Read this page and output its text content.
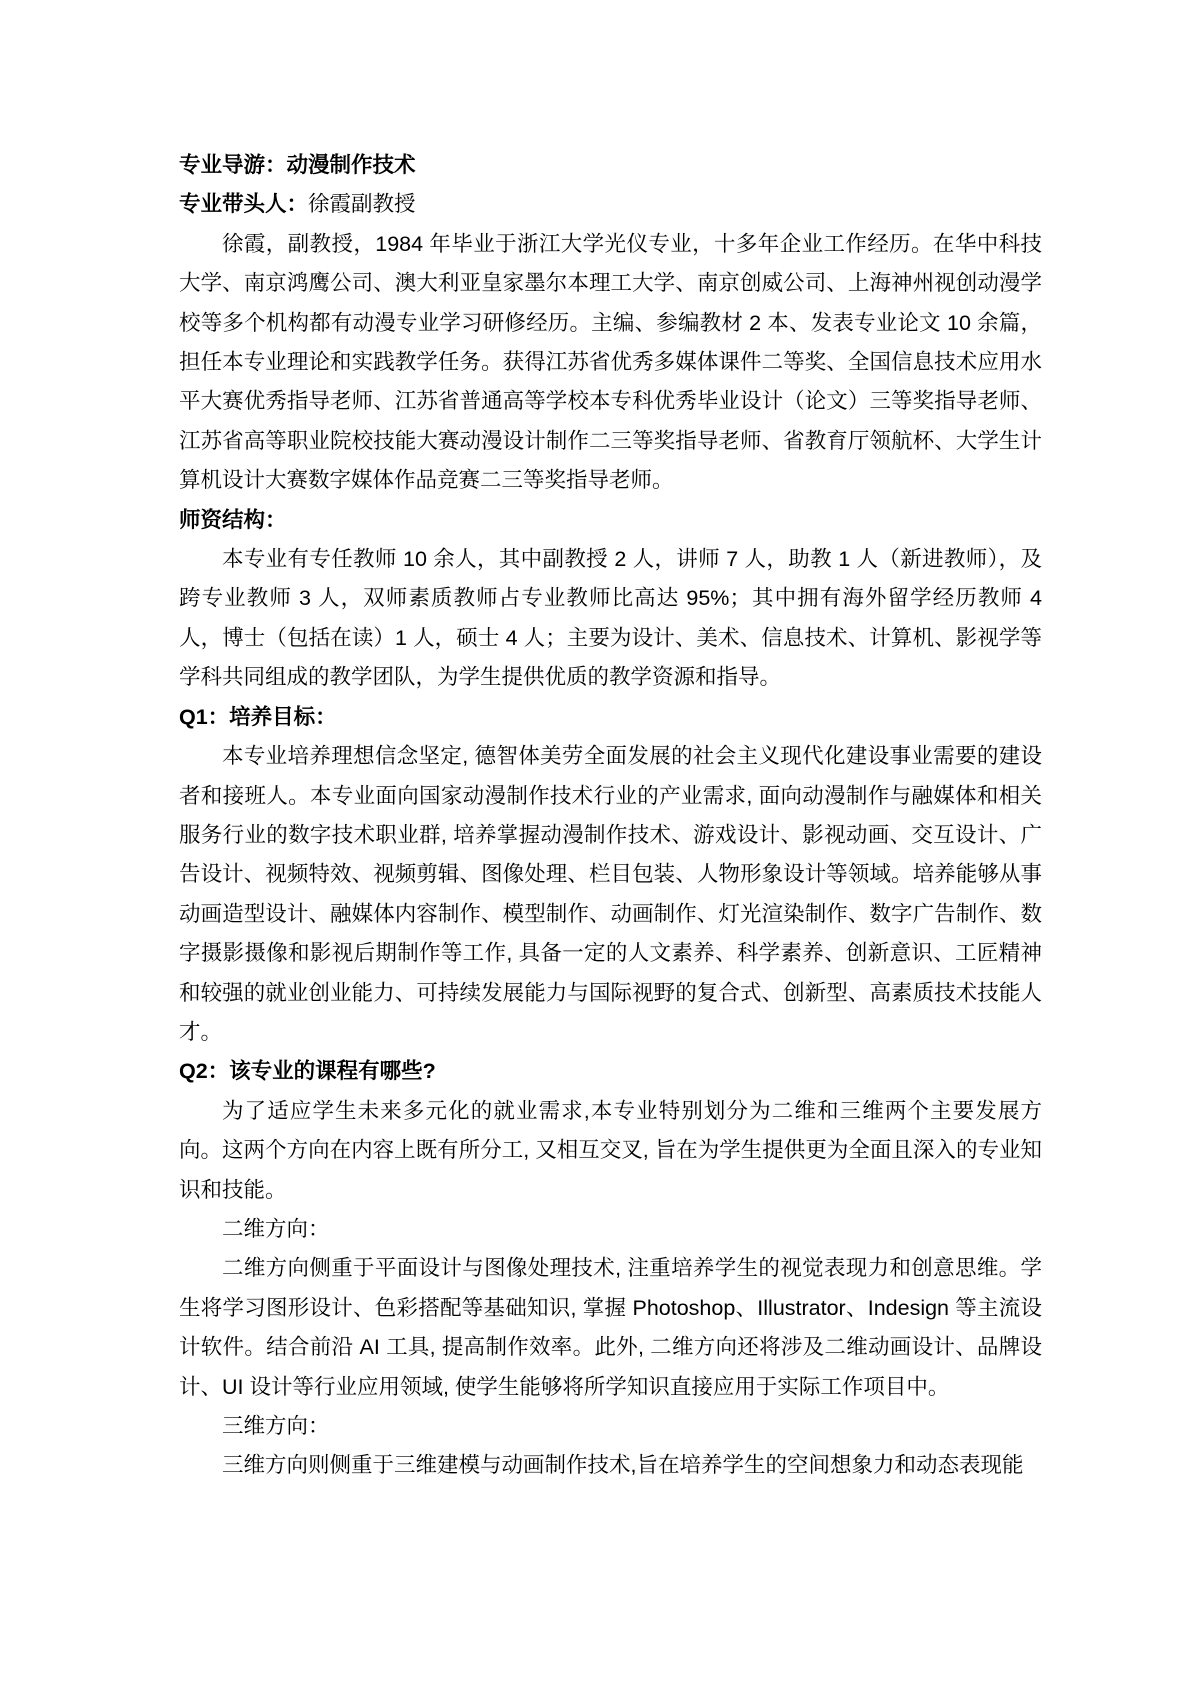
专业导游：动漫制作技术

专业带头人：徐霞副教授

徐霞，副教授，1984 年毕业于浙江大学光仪专业，十多年企业工作经历。在华中科技大学、南京鸿鹰公司、澳大利亚皇家墨尔本理工大学、南京创威公司、上海神州视创动漫学校等多个机构都有动漫专业学习研修经历。主编、参编教材 2 本、发表专业论文 10 余篇，担任本专业理论和实践教学任务。获得江苏省优秀多媒体课件二等奖、全国信息技术应用水平大赛优秀指导老师、江苏省普通高等学校本专科优秀毕业设计（论文）三等奖指导老师、江苏省高等职业院校技能大赛动漫设计制作二三等奖指导老师、省教育厅领航杯、大学生计算机设计大赛数字媒体作品竞赛二三等奖指导老师。

师资结构：

本专业有专任教师 10 余人，其中副教授 2 人，讲师 7 人，助教 1 人（新进教师），及跨专业教师 3 人，双师素质教师占专业教师比高达 95%；其中拥有海外留学经历教师 4 人，博士（包括在读）1 人，硕士 4 人；主要为设计、美术、信息技术、计算机、影视学等学科共同组成的教学团队，为学生提供优质的教学资源和指导。

Q1：培养目标：

本专业培养理想信念坚定, 德智体美劳全面发展的社会主义现代化建设事业需要的建设者和接班人。本专业面向国家动漫制作技术行业的产业需求, 面向动漫制作与融媒体和相关服务行业的数字技术职业群, 培养掌握动漫制作技术、游戏设计、影视动画、交互设计、广告设计、视频特效、视频剪辑、图像处理、栏目包装、人物形象设计等领域。培养能够从事动画造型设计、融媒体内容制作、模型制作、动画制作、灯光渲染制作、数字广告制作、数字摄影摄像和影视后期制作等工作, 具备一定的人文素养、科学素养、创新意识、工匠精神和较强的就业创业能力、可持续发展能力与国际视野的复合式、创新型、高素质技术技能人才。

Q2：该专业的课程有哪些?

为了适应学生未来多元化的就业需求,本专业特别划分为二维和三维两个主要发展方向。这两个方向在内容上既有所分工, 又相互交叉, 旨在为学生提供更为全面且深入的专业知识和技能。

二维方向：

二维方向侧重于平面设计与图像处理技术, 注重培养学生的视觉表现力和创意思维。学生将学习图形设计、色彩搭配等基础知识, 掌握 Photoshop、Illustrator、Indesign 等主流设计软件。结合前沿 AI 工具, 提高制作效率。此外, 二维方向还将涉及二维动画设计、品牌设计、UI 设计等行业应用领域, 使学生能够将所学知识直接应用于实际工作项目中。

三维方向：

三维方向则侧重于三维建模与动画制作技术,旨在培养学生的空间想象力和动态表现能
